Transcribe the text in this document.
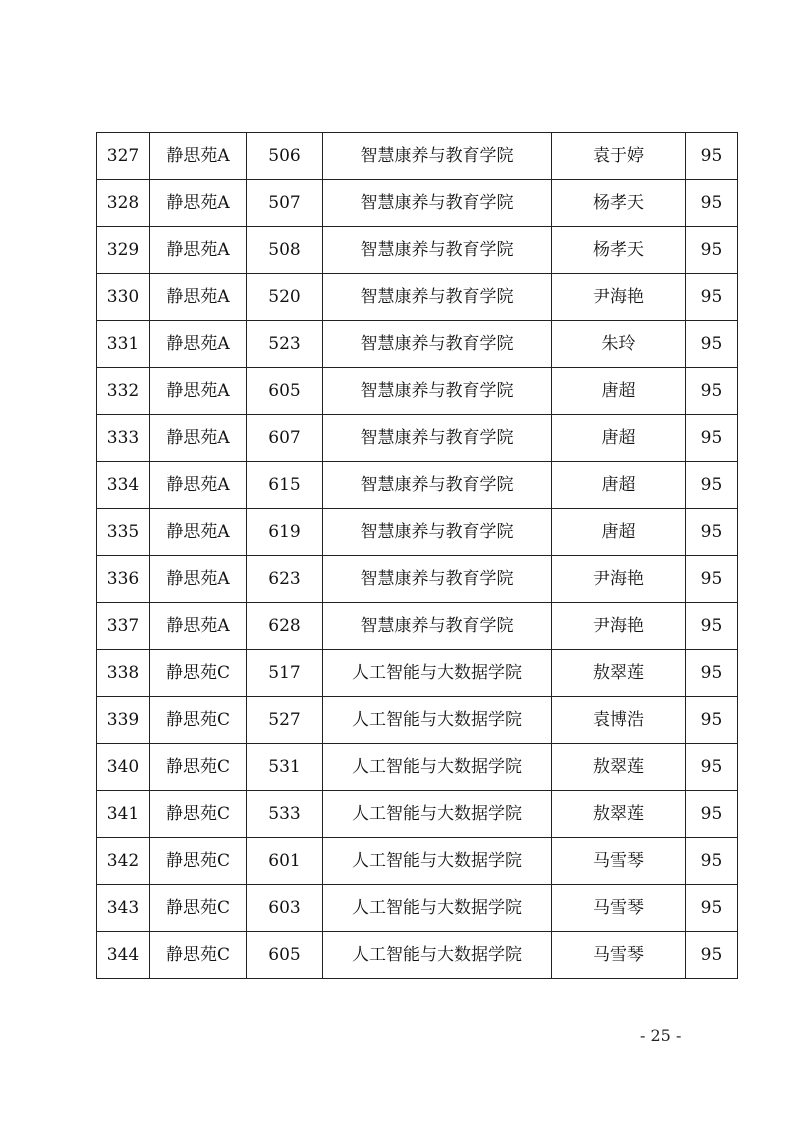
327	静思苑A	506	智慧康养与教育学院	袁于婷	95
328	静思苑A	507	智慧康养与教育学院	杨孝天	95
329	静思苑A	508	智慧康养与教育学院	杨孝天	95
330	静思苑A	520	智慧康养与教育学院	尹海艳	95
331	静思苑A	523	智慧康养与教育学院	朱玲	95
332	静思苑A	605	智慧康养与教育学院	唐超	95
333	静思苑A	607	智慧康养与教育学院	唐超	95
334	静思苑A	615	智慧康养与教育学院	唐超	95
335	静思苑A	619	智慧康养与教育学院	唐超	95
336	静思苑A	623	智慧康养与教育学院	尹海艳	95
337	静思苑A	628	智慧康养与教育学院	尹海艳	95
338	静思苑C	517	人工智能与大数据学院	敖翠莲	95
339	静思苑C	527	人工智能与大数据学院	袁博浩	95
340	静思苑C	531	人工智能与大数据学院	敖翠莲	95
341	静思苑C	533	人工智能与大数据学院	敖翠莲	95
342	静思苑C	601	人工智能与大数据学院	马雪琴	95
343	静思苑C	603	人工智能与大数据学院	马雪琴	95
344	静思苑C	605	人工智能与大数据学院	马雪琴	95
- 25 -
